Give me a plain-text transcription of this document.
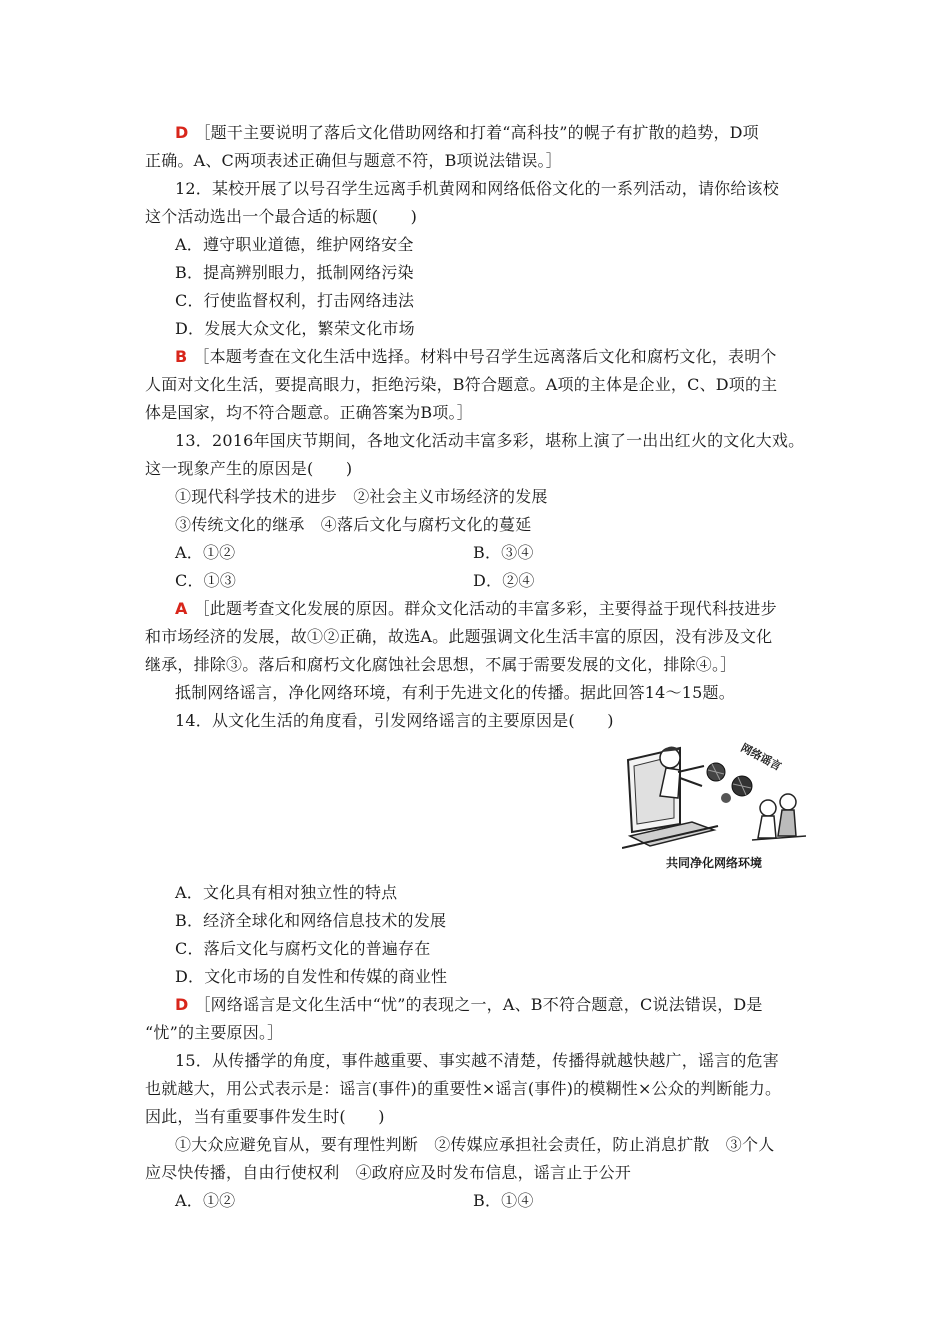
D ［题干主要说明了落后文化借助网络和打着“高科技”的幌子有扩散的趋势，D项
正确。A、C两项表述正确但与题意不符，B项说法错误。］
12．某校开展了以号召学生远离手机黄网和网络低俗文化的一系列活动，请你给该校
这个活动选出一个最合适的标题(　　)
A．遵守职业道德，维护网络安全
B．提高辨别眼力，抵制网络污染
C．行使监督权利，打击网络违法
D．发展大众文化，繁荣文化市场
B ［本题考查在文化生活中选择。材料中号召学生远离落后文化和腐朽文化，表明个
人面对文化生活，要提高眼力，拒绝污染，B符合题意。A项的主体是企业，C、D项的主
体是国家，均不符合题意。正确答案为B项。］
13．2016年国庆节期间，各地文化活动丰富多彩，堪称上演了一出出红火的文化大戏。
这一现象产生的原因是(　　)
①现代科学技术的进步　②社会主义市场经济的发展
③传统文化的继承　④落后文化与腐朽文化的蔓延
A．①②	B．③④
C．①③	D．②④
A ［此题考查文化发展的原因。群众文化活动的丰富多彩，主要得益于现代科技进步
和市场经济的发展，故①②正确，故选A。此题强调文化生活丰富的原因，没有涉及文化
继承，排除③。落后和腐朽文化腐蚀社会思想，不属于需要发展的文化，排除④。］
抵制网络谣言，净化网络环境，有利于先进文化的传播。据此回答14～15题。
14．从文化生活的角度看，引发网络谣言的主要原因是(　　)
网络谣言
共同净化网络环境
A．文化具有相对独立性的特点
B．经济全球化和网络信息技术的发展
C．落后文化与腐朽文化的普遍存在
D．文化市场的自发性和传媒的商业性
D ［网络谣言是文化生活中“忧”的表现之一，A、B不符合题意，C说法错误，D是
“忧”的主要原因。］
15．从传播学的角度，事件越重要、事实越不清楚，传播得就越快越广，谣言的危害
也就越大，用公式表示是：谣言(事件)的重要性×谣言(事件)的模糊性×公众的判断能力。
因此，当有重要事件发生时(　　)
①大众应避免盲从，要有理性判断　②传媒应承担社会责任，防止消息扩散　③个人
应尽快传播，自由行使权利　④政府应及时发布信息，谣言止于公开
A．①②	B．①④
